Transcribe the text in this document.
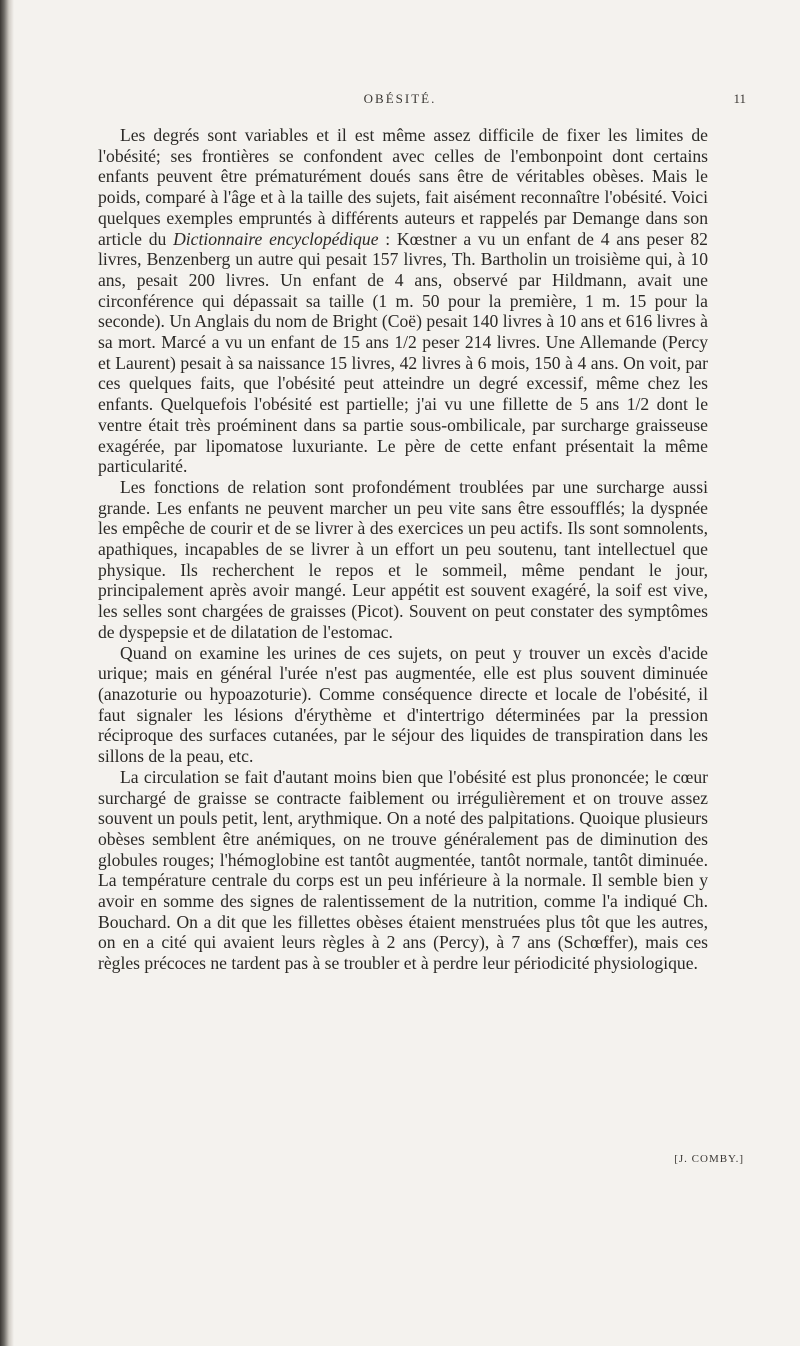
OBÉSITÉ.	11

Les degrés sont variables et il est même assez difficile de fixer les limites de l'obésité; ses frontières se confondent avec celles de l'embonpoint dont certains enfants peuvent être prématurément doués sans être de véritables obèses. Mais le poids, comparé à l'âge et à la taille des sujets, fait aisément reconnaître l'obésité. Voici quelques exemples empruntés à différents auteurs et rappelés par Demange dans son article du Dictionnaire encyclopédique : Kœstner a vu un enfant de 4 ans peser 82 livres, Benzenberg un autre qui pesait 157 livres, Th. Bartholin un troisième qui, à 10 ans, pesait 200 livres. Un enfant de 4 ans, observé par Hildmann, avait une circonférence qui dépassait sa taille (1 m. 50 pour la première, 1 m. 15 pour la seconde). Un Anglais du nom de Bright (Coë) pesait 140 livres à 10 ans et 616 livres à sa mort. Marcé a vu un enfant de 15 ans 1/2 peser 214 livres. Une Allemande (Percy et Laurent) pesait à sa naissance 15 livres, 42 livres à 6 mois, 150 à 4 ans. On voit, par ces quelques faits, que l'obésité peut atteindre un degré excessif, même chez les enfants. Quelquefois l'obésité est partielle; j'ai vu une fillette de 5 ans 1/2 dont le ventre était très proéminent dans sa partie sous-ombilicale, par surcharge graisseuse exagérée, par lipomatose luxuriante. Le père de cette enfant présentait la même particularité.

Les fonctions de relation sont profondément troublées par une surcharge aussi grande. Les enfants ne peuvent marcher un peu vite sans être essoufflés; la dyspnée les empêche de courir et de se livrer à des exercices un peu actifs. Ils sont somnolents, apathiques, incapables de se livrer à un effort un peu soutenu, tant intellectuel que physique. Ils recherchent le repos et le sommeil, même pendant le jour, principalement après avoir mangé. Leur appétit est souvent exagéré, la soif est vive, les selles sont chargées de graisses (Picot). Souvent on peut constater des symptômes de dyspepsie et de dilatation de l'estomac.

Quand on examine les urines de ces sujets, on peut y trouver un excès d'acide urique; mais en général l'urée n'est pas augmentée, elle est plus souvent diminuée (anazoturie ou hypoazoturie). Comme conséquence directe et locale de l'obésité, il faut signaler les lésions d'érythème et d'intertrigo déterminées par la pression réciproque des surfaces cutanées, par le séjour des liquides de transpiration dans les sillons de la peau, etc.

La circulation se fait d'autant moins bien que l'obésité est plus prononcée; le cœur surchargé de graisse se contracte faiblement ou irrégulièrement et on trouve assez souvent un pouls petit, lent, arythmique. On a noté des palpitations. Quoique plusieurs obèses semblent être anémiques, on ne trouve généralement pas de diminution des globules rouges; l'hémoglobine est tantôt augmentée, tantôt normale, tantôt diminuée. La température centrale du corps est un peu inférieure à la normale. Il semble bien y avoir en somme des signes de ralentissement de la nutrition, comme l'a indiqué Ch. Bouchard. On a dit que les fillettes obèses étaient menstruées plus tôt que les autres, on en a cité qui avaient leurs règles à 2 ans (Percy), à 7 ans (Schœffer), mais ces règles précoces ne tardent pas à se troubler et à perdre leur périodicité physiologique.

[J. COMBY.]
